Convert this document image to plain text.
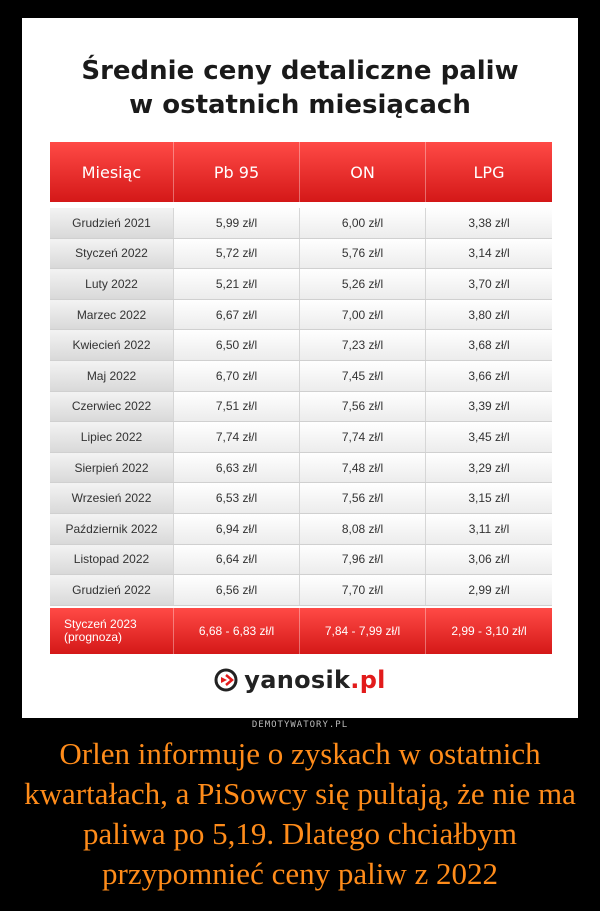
Średnie ceny detaliczne paliw
w ostatnich miesiącach
Miesiąc	Pb 95	ON	LPG
Grudzień 2021	5,99 zł/l	6,00 zł/l	3,38 zł/l
Styczeń 2022	5,72 zł/l	5,76 zł/l	3,14 zł/l
Luty 2022	5,21 zł/l	5,26 zł/l	3,70 zł/l
Marzec 2022	6,67 zł/l	7,00 zł/l	3,80 zł/l
Kwiecień 2022	6,50 zł/l	7,23 zł/l	3,68 zł/l
Maj 2022	6,70 zł/l	7,45 zł/l	3,66 zł/l
Czerwiec 2022	7,51 zł/l	7,56 zł/l	3,39 zł/l
Lipiec 2022	7,74 zł/l	7,74 zł/l	3,45 zł/l
Sierpień 2022	6,63 zł/l	7,48 zł/l	3,29 zł/l
Wrzesień 2022	6,53 zł/l	7,56 zł/l	3,15 zł/l
Październik 2022	6,94 zł/l	8,08 zł/l	3,11 zł/l
Listopad 2022	6,64 zł/l	7,96 zł/l	3,06 zł/l
Grudzień 2022	6,56 zł/l	7,70 zł/l	2,99 zł/l
Styczeń 2023
(prognoza)	6,68 - 6,83 zł/l	7,84 - 7,99 zł/l	2,99 - 3,10 zł/l
yanosik.pl
DEMOTYWATORY.PL
Orlen informuje o zyskach w ostatnich kwartałach, a PiSowcy się pultają, że nie ma paliwa po 5,19. Dlatego chciałbym przypomnieć ceny paliw z 2022
